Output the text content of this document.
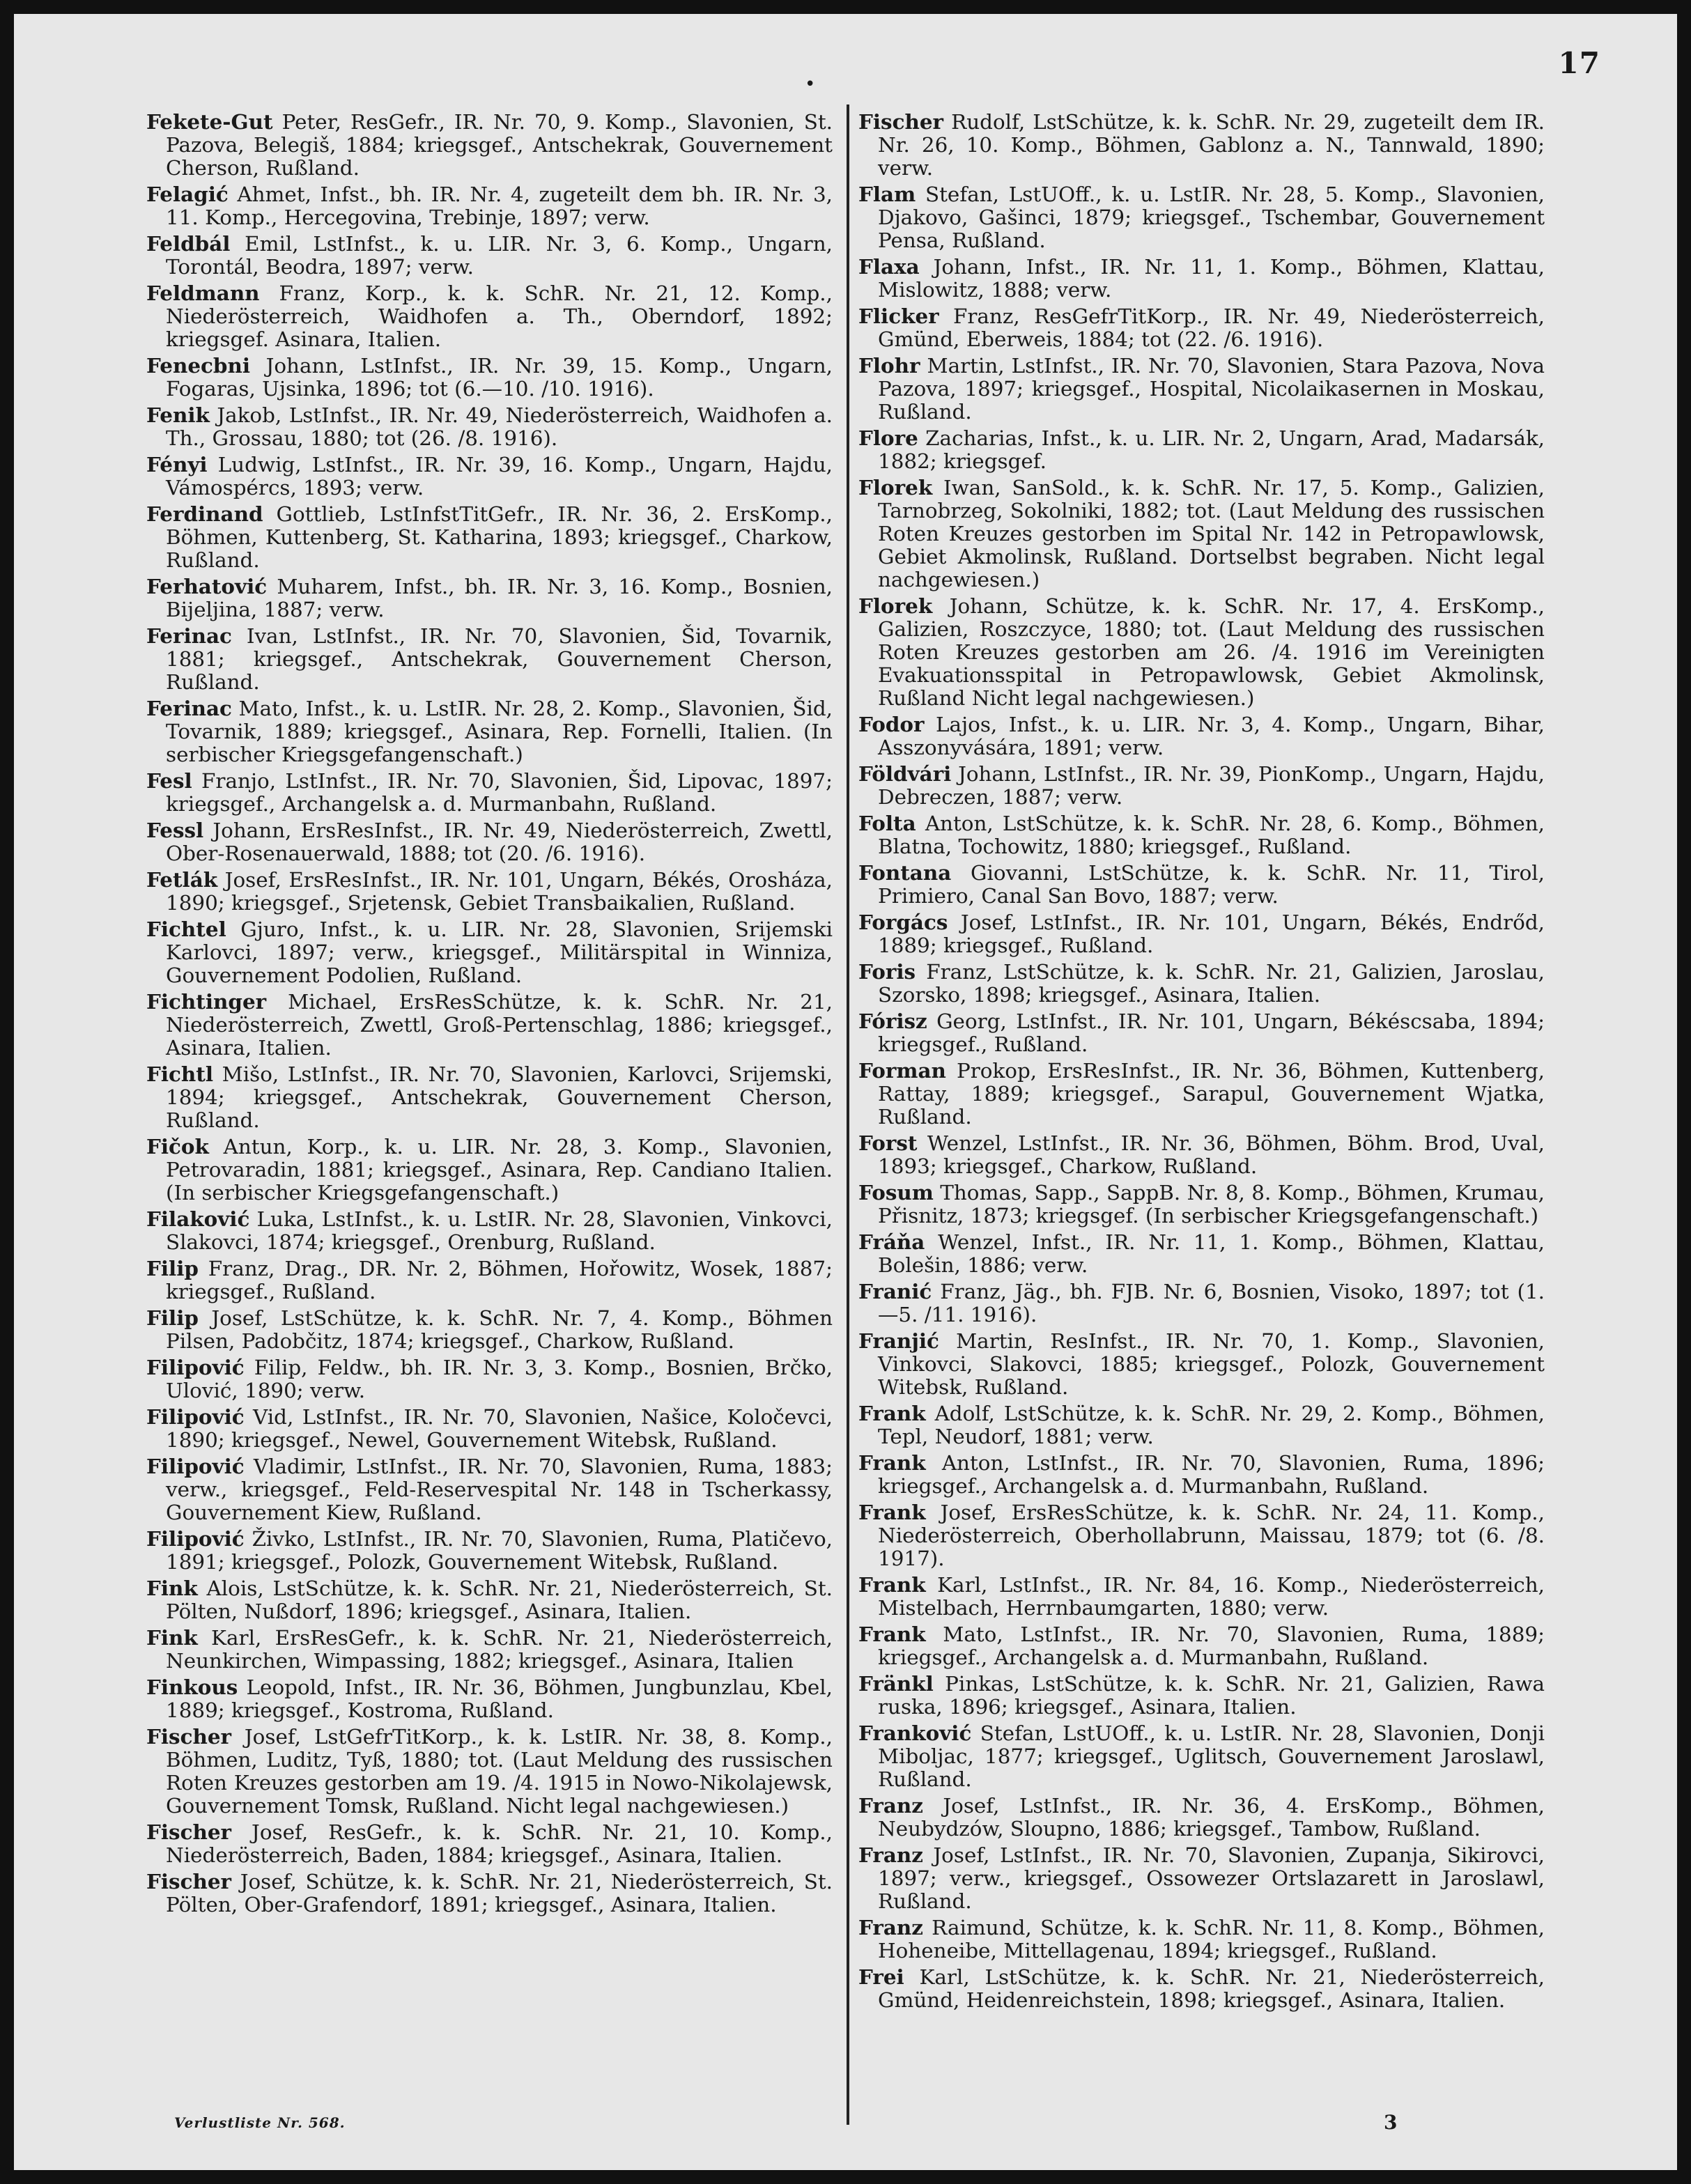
17
•

Fekete-Gut Peter, ResGefr., IR. Nr. 70, 9. Komp., Slavonien, St. Pazova, Belegiš, 1884; kriegsgef., Antschekrak, Gouvernement Cherson, Rußland.

Felagić Ahmet, Infst., bh. IR. Nr. 4, zugeteilt dem bh. IR. Nr. 3, 11. Komp., Hercegovina, Trebinje, 1897; verw.

Feldbál Emil, LstInfst., k. u. LIR. Nr. 3, 6. Komp., Ungarn, Torontál, Beodra, 1897; verw.

Feldmann Franz, Korp., k. k. SchR. Nr. 21, 12. Komp., Niederösterreich, Waidhofen a. Th., Oberndorf, 1892; kriegsgef. Asinara, Italien.

Fenecbni Johann, LstInfst., IR. Nr. 39, 15. Komp., Ungarn, Fogaras, Ujsinka, 1896; tot (6.—10. /10. 1916).

Fenik Jakob, LstInfst., IR. Nr. 49, Niederösterreich, Waidhofen a. Th., Grossau, 1880; tot (26. /8. 1916).

Fényi Ludwig, LstInfst., IR. Nr. 39, 16. Komp., Ungarn, Hajdu, Vámospércs, 1893; verw.

Ferdinand Gottlieb, LstInfstTitGefr., IR. Nr. 36, 2. ErsKomp., Böhmen, Kuttenberg, St. Katharina, 1893; kriegsgef., Charkow, Rußland.

Ferhatović Muharem, Infst., bh. IR. Nr. 3, 16. Komp., Bosnien, Bijeljina, 1887; verw.

Ferinac Ivan, LstInfst., IR. Nr. 70, Slavonien, Šid, Tovarnik, 1881; kriegsgef., Antschekrak, Gouvernement Cherson, Rußland.

Ferinac Mato, Infst., k. u. LstIR. Nr. 28, 2. Komp., Slavonien, Šid, Tovarnik, 1889; kriegsgef., Asinara, Rep. Fornelli, Italien. (In serbischer Kriegsgefangenschaft.)

Fesl Franjo, LstInfst., IR. Nr. 70, Slavonien, Šid, Lipovac, 1897; kriegsgef., Archangelsk a. d. Murmanbahn, Rußland.

Fessl Johann, ErsResInfst., IR. Nr. 49, Niederösterreich, Zwettl, Ober-Rosenauerwald, 1888; tot (20. /6. 1916).

Fetlák Josef, ErsResInfst., IR. Nr. 101, Ungarn, Békés, Orosháza, 1890; kriegsgef., Srjetensk, Gebiet Transbaikalien, Rußland.

Fichtel Gjuro, Infst., k. u. LIR. Nr. 28, Slavonien, Srijemski Karlovci, 1897; verw., kriegsgef., Militärspital in Winniza, Gouvernement Podolien, Rußland.

Fichtinger Michael, ErsResSchütze, k. k. SchR. Nr. 21, Niederösterreich, Zwettl, Groß-Pertenschlag, 1886; kriegsgef., Asinara, Italien.

Fichtl Mišo, LstInfst., IR. Nr. 70, Slavonien, Karlovci, Srijemski, 1894; kriegsgef., Antschekrak, Gouvernement Cherson, Rußland.

Fičok Antun, Korp., k. u. LIR. Nr. 28, 3. Komp., Slavonien, Petrovaradin, 1881; kriegsgef., Asinara, Rep. Candiano Italien. (In serbischer Kriegsgefangenschaft.)

Filaković Luka, LstInfst., k. u. LstIR. Nr. 28, Slavonien, Vinkovci, Slakovci, 1874; kriegsgef., Orenburg, Rußland.

Filip Franz, Drag., DR. Nr. 2, Böhmen, Hořowitz, Wosek, 1887; kriegsgef., Rußland.

Filip Josef, LstSchütze, k. k. SchR. Nr. 7, 4. Komp., Böhmen Pilsen, Padobčitz, 1874; kriegsgef., Charkow, Rußland.

Filipović Filip, Feldw., bh. IR. Nr. 3, 3. Komp., Bosnien, Brčko, Ulović, 1890; verw.

Filipović Vid, LstInfst., IR. Nr. 70, Slavonien, Našice, Koločevci, 1890; kriegsgef., Newel, Gouvernement Witebsk, Rußland.

Filipović Vladimir, LstInfst., IR. Nr. 70, Slavonien, Ruma, 1883; verw., kriegsgef., Feld-Reservespital Nr. 148 in Tscherkassy, Gouvernement Kiew, Rußland.

Filipović Živko, LstInfst., IR. Nr. 70, Slavonien, Ruma, Platičevo, 1891; kriegsgef., Polozk, Gouvernement Witebsk, Rußland.

Fink Alois, LstSchütze, k. k. SchR. Nr. 21, Niederösterreich, St. Pölten, Nußdorf, 1896; kriegsgef., Asinara, Italien.

Fink Karl, ErsResGefr., k. k. SchR. Nr. 21, Niederösterreich, Neunkirchen, Wimpassing, 1882; kriegsgef., Asinara, Italien

Finkous Leopold, Infst., IR. Nr. 36, Böhmen, Jungbunzlau, Kbel, 1889; kriegsgef., Kostroma, Rußland.

Fischer Josef, LstGefrTitKorp., k. k. LstIR. Nr. 38, 8. Komp., Böhmen, Luditz, Tyß, 1880; tot. (Laut Meldung des russischen Roten Kreuzes gestorben am 19. /4. 1915 in Nowo-Nikolajewsk, Gouvernement Tomsk, Rußland. Nicht legal nachgewiesen.)

Fischer Josef, ResGefr., k. k. SchR. Nr. 21, 10. Komp., Niederösterreich, Baden, 1884; kriegsgef., Asinara, Italien.

Fischer Josef, Schütze, k. k. SchR. Nr. 21, Niederösterreich, St. Pölten, Ober-Grafendorf, 1891; kriegsgef., Asinara, Italien.

Fischer Rudolf, LstSchütze, k. k. SchR. Nr. 29, zugeteilt dem IR. Nr. 26, 10. Komp., Böhmen, Gablonz a. N., Tannwald, 1890; verw.

Flam Stefan, LstUOff., k. u. LstIR. Nr. 28, 5. Komp., Slavonien, Djakovo, Gašinci, 1879; kriegsgef., Tschembar, Gouvernement Pensa, Rußland.

Flaxa Johann, Infst., IR. Nr. 11, 1. Komp., Böhmen, Klattau, Mislowitz, 1888; verw.

Flicker Franz, ResGefrTitKorp., IR. Nr. 49, Niederösterreich, Gmünd, Eberweis, 1884; tot (22. /6. 1916).

Flohr Martin, LstInfst., IR. Nr. 70, Slavonien, Stara Pazova, Nova Pazova, 1897; kriegsgef., Hospital, Nicolaikasernen in Moskau, Rußland.

Flore Zacharias, Infst., k. u. LIR. Nr. 2, Ungarn, Arad, Madarsák, 1882; kriegsgef.

Florek Iwan, SanSold., k. k. SchR. Nr. 17, 5. Komp., Galizien, Tarnobrzeg, Sokolniki, 1882; tot. (Laut Meldung des russischen Roten Kreuzes gestorben im Spital Nr. 142 in Petropawlowsk, Gebiet Akmolinsk, Rußland. Dortselbst begraben. Nicht legal nachgewiesen.)

Florek Johann, Schütze, k. k. SchR. Nr. 17, 4. ErsKomp., Galizien, Roszczyce, 1880; tot. (Laut Meldung des russischen Roten Kreuzes gestorben am 26. /4. 1916 im Vereinigten Evakuationsspital in Petropawlowsk, Gebiet Akmolinsk, Rußland Nicht legal nachgewiesen.)

Fodor Lajos, Infst., k. u. LIR. Nr. 3, 4. Komp., Ungarn, Bihar, Asszonyvására, 1891; verw.

Földvári Johann, LstInfst., IR. Nr. 39, PionKomp., Ungarn, Hajdu, Debreczen, 1887; verw.

Folta Anton, LstSchütze, k. k. SchR. Nr. 28, 6. Komp., Böhmen, Blatna, Tochowitz, 1880; kriegsgef., Rußland.

Fontana Giovanni, LstSchütze, k. k. SchR. Nr. 11, Tirol, Primiero, Canal San Bovo, 1887; verw.

Forgács Josef, LstInfst., IR. Nr. 101, Ungarn, Békés, Endrőd, 1889; kriegsgef., Rußland.

Foris Franz, LstSchütze, k. k. SchR. Nr. 21, Galizien, Jaroslau, Szorsko, 1898; kriegsgef., Asinara, Italien.

Fórisz Georg, LstInfst., IR. Nr. 101, Ungarn, Békéscsaba, 1894; kriegsgef., Rußland.

Forman Prokop, ErsResInfst., IR. Nr. 36, Böhmen, Kuttenberg, Rattay, 1889; kriegsgef., Sarapul, Gouvernement Wjatka, Rußland.

Forst Wenzel, LstInfst., IR. Nr. 36, Böhmen, Böhm. Brod, Uval, 1893; kriegsgef., Charkow, Rußland.

Fosum Thomas, Sapp., SappB. Nr. 8, 8. Komp., Böhmen, Krumau, Přisnitz, 1873; kriegsgef. (In serbischer Kriegsgefangenschaft.)

Fráňa Wenzel, Infst., IR. Nr. 11, 1. Komp., Böhmen, Klattau, Bolešin, 1886; verw.

Franić Franz, Jäg., bh. FJB. Nr. 6, Bosnien, Visoko, 1897; tot (1.—5. /11. 1916).

Franjić Martin, ResInfst., IR. Nr. 70, 1. Komp., Slavonien, Vinkovci, Slakovci, 1885; kriegsgef., Polozk, Gouvernement Witebsk, Rußland.

Frank Adolf, LstSchütze, k. k. SchR. Nr. 29, 2. Komp., Böhmen, Tepl, Neudorf, 1881; verw.

Frank Anton, LstInfst., IR. Nr. 70, Slavonien, Ruma, 1896; kriegsgef., Archangelsk a. d. Murmanbahn, Rußland.

Frank Josef, ErsResSchütze, k. k. SchR. Nr. 24, 11. Komp., Niederösterreich, Oberhollabrunn, Maissau, 1879; tot (6. /8. 1917).

Frank Karl, LstInfst., IR. Nr. 84, 16. Komp., Niederösterreich, Mistelbach, Herrnbaumgarten, 1880; verw.

Frank Mato, LstInfst., IR. Nr. 70, Slavonien, Ruma, 1889; kriegsgef., Archangelsk a. d. Murmanbahn, Rußland.

Fränkl Pinkas, LstSchütze, k. k. SchR. Nr. 21, Galizien, Rawa ruska, 1896; kriegsgef., Asinara, Italien.

Franković Stefan, LstUOff., k. u. LstIR. Nr. 28, Slavonien, Donji Miboljac, 1877; kriegsgef., Uglitsch, Gouvernement Jaroslawl, Rußland.

Franz Josef, LstInfst., IR. Nr. 36, 4. ErsKomp., Böhmen, Neubydzów, Sloupno, 1886; kriegsgef., Tambow, Rußland.

Franz Josef, LstInfst., IR. Nr. 70, Slavonien, Zupanja, Sikirovci, 1897; verw., kriegsgef., Ossowezer Ortslazarett in Jaroslawl, Rußland.

Franz Raimund, Schütze, k. k. SchR. Nr. 11, 8. Komp., Böhmen, Hoheneibe, Mittellagenau, 1894; kriegsgef., Rußland.

Frei Karl, LstSchütze, k. k. SchR. Nr. 21, Niederösterreich, Gmünd, Heidenreichstein, 1898; kriegsgef., Asinara, Italien.

Verlustliste Nr. 568.	3
